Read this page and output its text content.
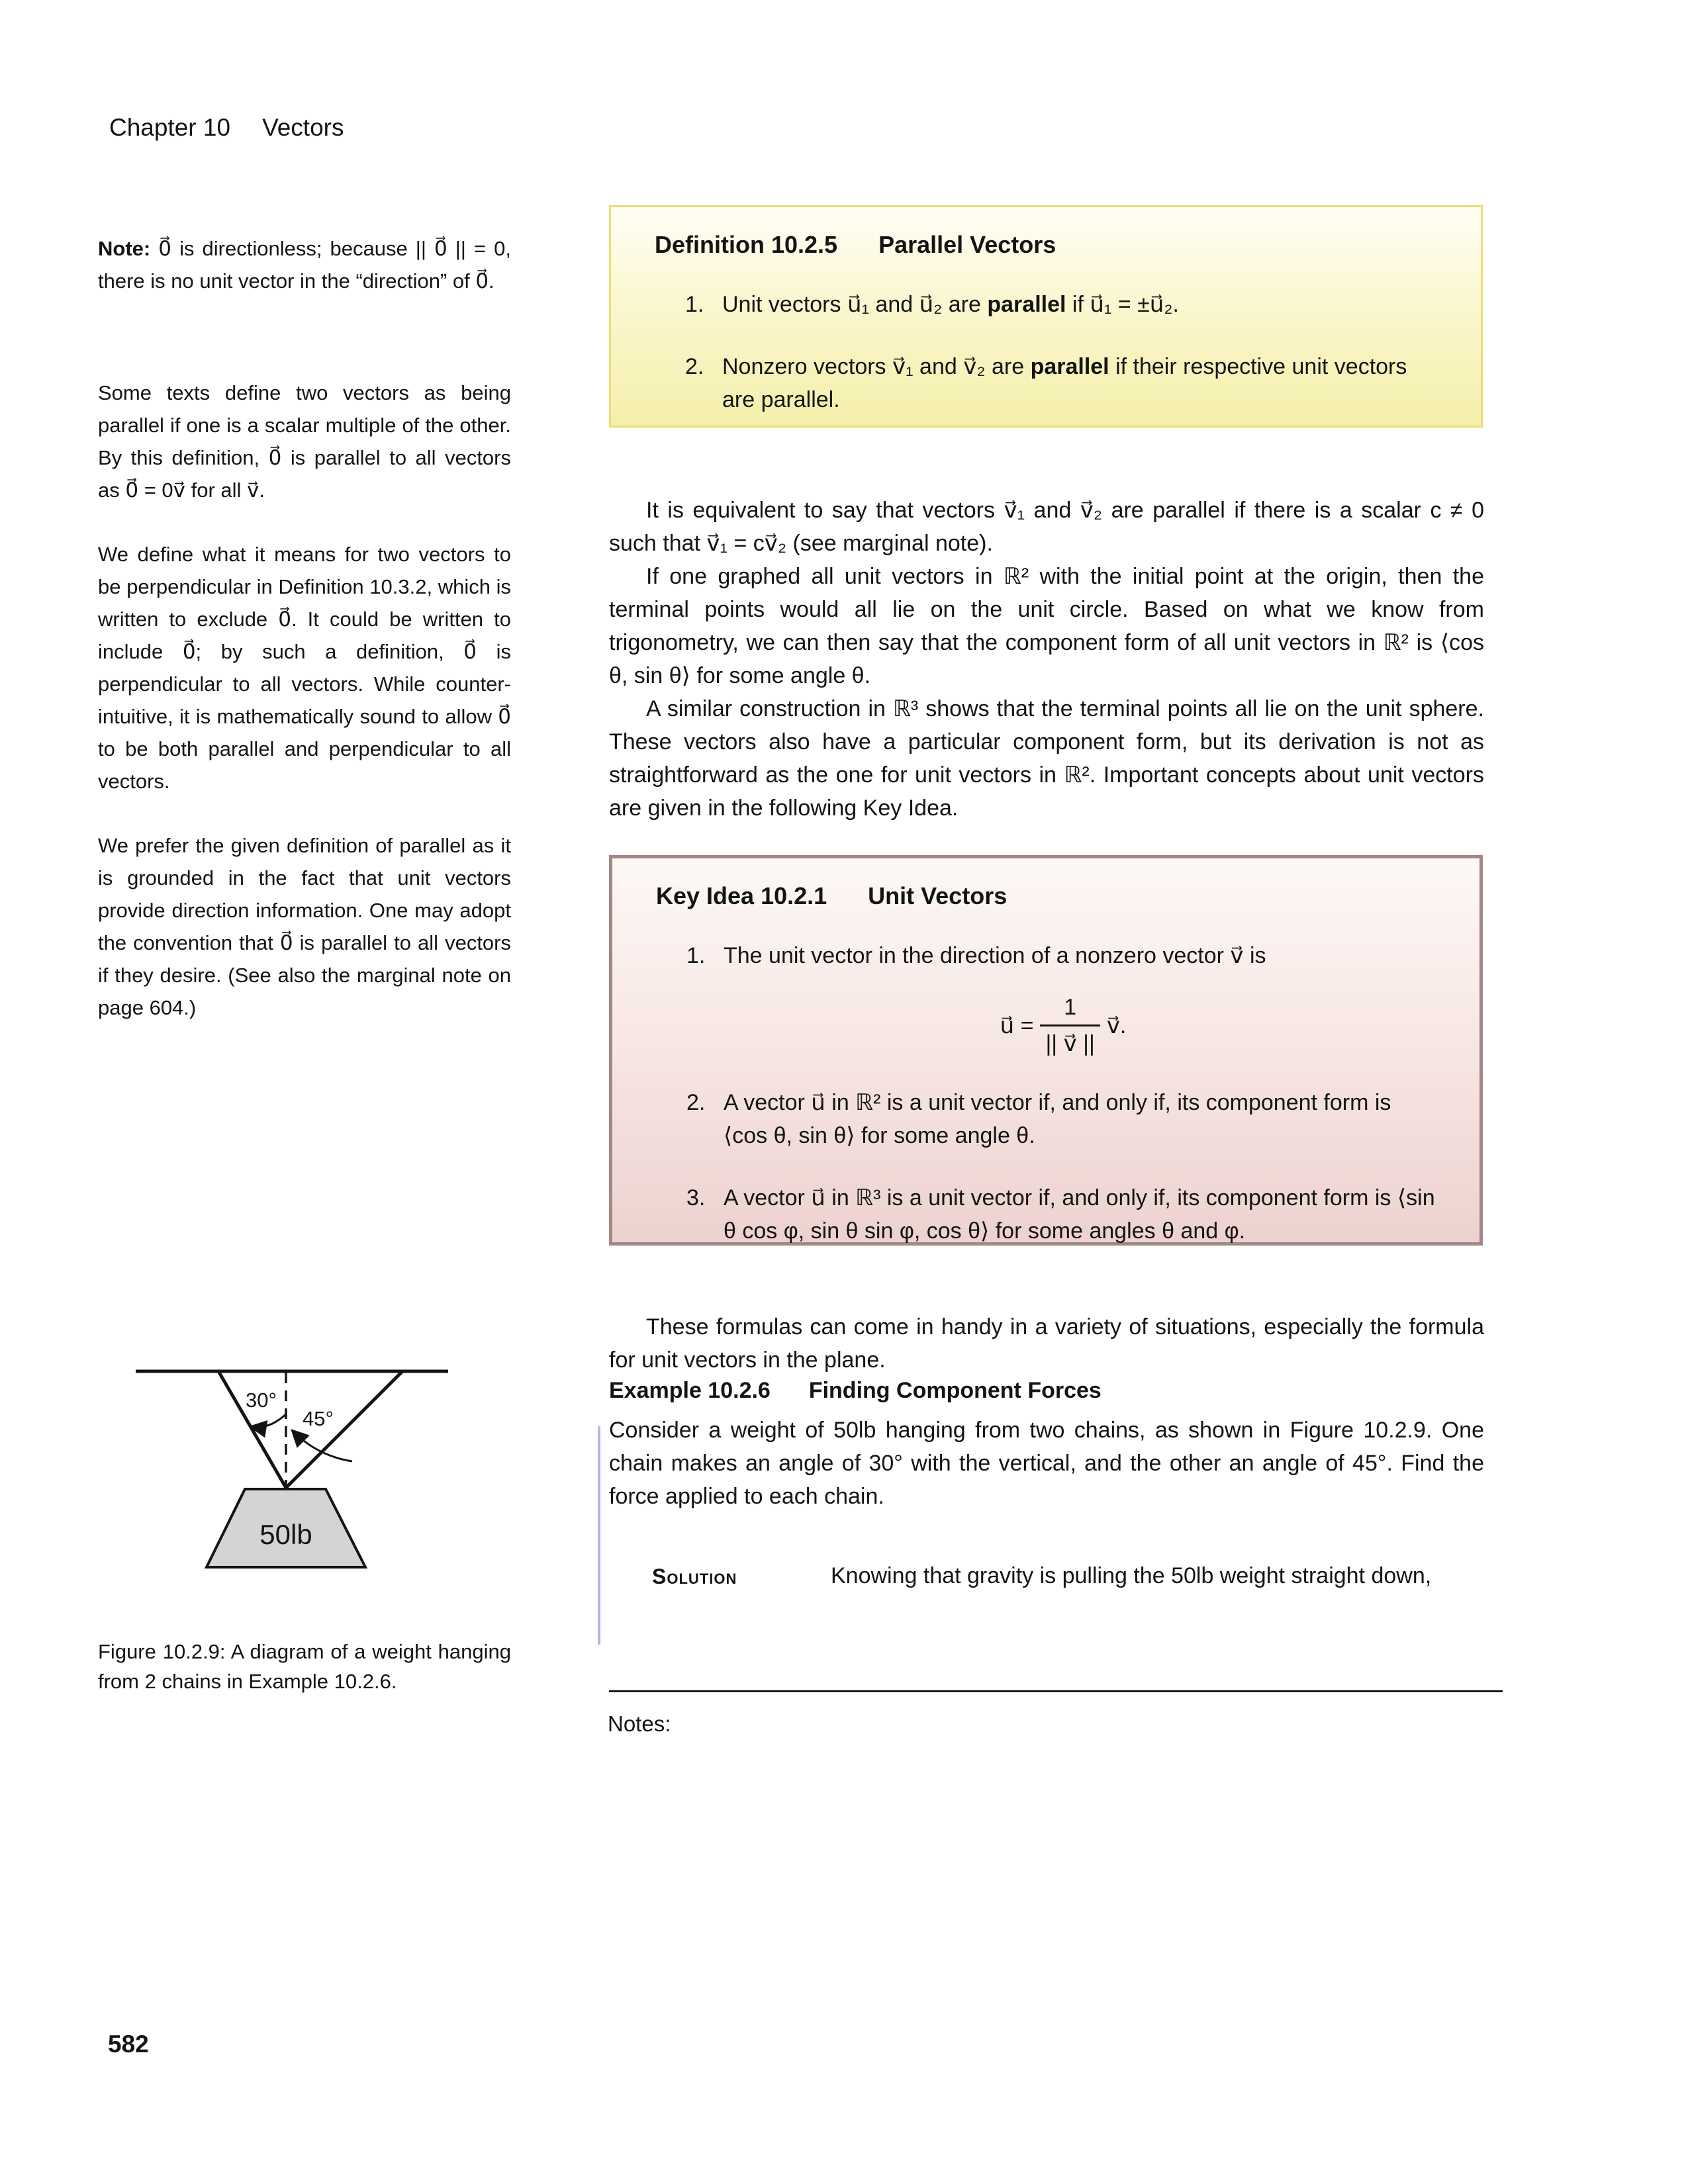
Chapter 10 Vectors

Note: 0⃗ is directionless; because || 0⃗ || = 0, there is no unit vector in the “direction” of 0⃗.

Some texts define two vectors as being parallel if one is a scalar multiple of the other. By this definition, 0⃗ is parallel to all vectors as 0⃗ = 0v⃗ for all v⃗.

We define what it means for two vectors to be perpendicular in Definition 10.3.2, which is written to exclude 0⃗. It could be written to include 0⃗; by such a definition, 0⃗ is perpendicular to all vectors. While counter-intuitive, it is mathematically sound to allow 0⃗ to be both parallel and perpendicular to all vectors.

We prefer the given definition of parallel as it is grounded in the fact that unit vectors provide direction information. One may adopt the convention that 0⃗ is parallel to all vectors if they desire. (See also the marginal note on page 604.)

Definition 10.2.5 Parallel Vectors
1. Unit vectors u⃗₁ and u⃗₂ are parallel if u⃗₁ = ±u⃗₂.
2. Nonzero vectors v⃗₁ and v⃗₂ are parallel if their respective unit vectors are parallel.

It is equivalent to say that vectors v⃗₁ and v⃗₂ are parallel if there is a scalar c ≠ 0 such that v⃗₁ = cv⃗₂ (see marginal note).

If one graphed all unit vectors in ℝ² with the initial point at the origin, then the terminal points would all lie on the unit circle. Based on what we know from trigonometry, we can then say that the component form of all unit vectors in ℝ² is ⟨cos θ, sin θ⟩ for some angle θ.

A similar construction in ℝ³ shows that the terminal points all lie on the unit sphere. These vectors also have a particular component form, but its derivation is not as straightforward as the one for unit vectors in ℝ². Important concepts about unit vectors are given in the following Key Idea.

Key Idea 10.2.1 Unit Vectors
1. The unit vector in the direction of a nonzero vector v⃗ is
u⃗ = $\frac{1}{|| v⃗ ||}$ v⃗.
2. A vector u⃗ in ℝ² is a unit vector if, and only if, its component form is ⟨cos θ, sin θ⟩ for some angle θ.
3. A vector u⃗ in ℝ³ is a unit vector if, and only if, its component form is ⟨sin θ cos φ, sin θ sin φ, cos θ⟩ for some angles θ and φ.

These formulas can come in handy in a variety of situations, especially the formula for unit vectors in the plane.

Example 10.2.6 Finding Component Forces

Consider a weight of 50lb hanging from two chains, as shown in Figure 10.2.9. One chain makes an angle of 30° with the vertical, and the other an angle of 45°. Find the force applied to each chain.

Solution	Knowing that gravity is pulling the 50lb weight straight down,
Notes:
30°
45°
50lb

Figure 10.2.9: A diagram of a weight hanging from 2 chains in Example 10.2.6.

582
